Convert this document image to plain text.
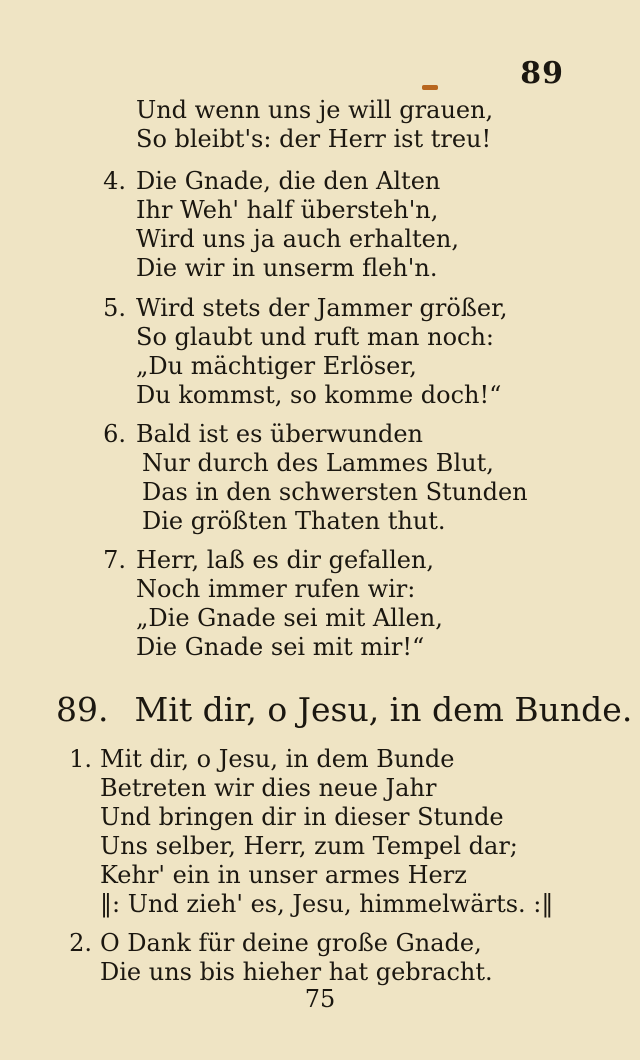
89
Und wenn uns je will grauen,
So bleibt's: der Herr ist treu!
4. Die Gnade, die den Alten
Ihr Weh' half übersteh'n,
Wird uns ja auch erhalten,
Die wir in unserm fleh'n.
5. Wird stets der Jammer größer,
So glaubt und ruft man noch:
„Du mächtiger Erlöser,
Du kommst, so komme doch!“
6. Bald ist es überwunden
Nur durch des Lammes Blut,
Das in den schwersten Stunden
Die größten Thaten thut.
7. Herr, laß es dir gefallen,
Noch immer rufen wir:
„Die Gnade sei mit Allen,
Die Gnade sei mit mir!“
89. Mit dir, o Jesu, in dem Bunde.
1. Mit dir, o Jesu, in dem Bunde
Betreten wir dies neue Jahr
Und bringen dir in dieser Stunde
Uns selber, Herr, zum Tempel dar;
Kehr' ein in unser armes Herz
‖: Und zieh' es, Jesu, himmelwärts. :‖
2. O Dank für deine große Gnade,
Die uns bis hieher hat gebracht.
75
